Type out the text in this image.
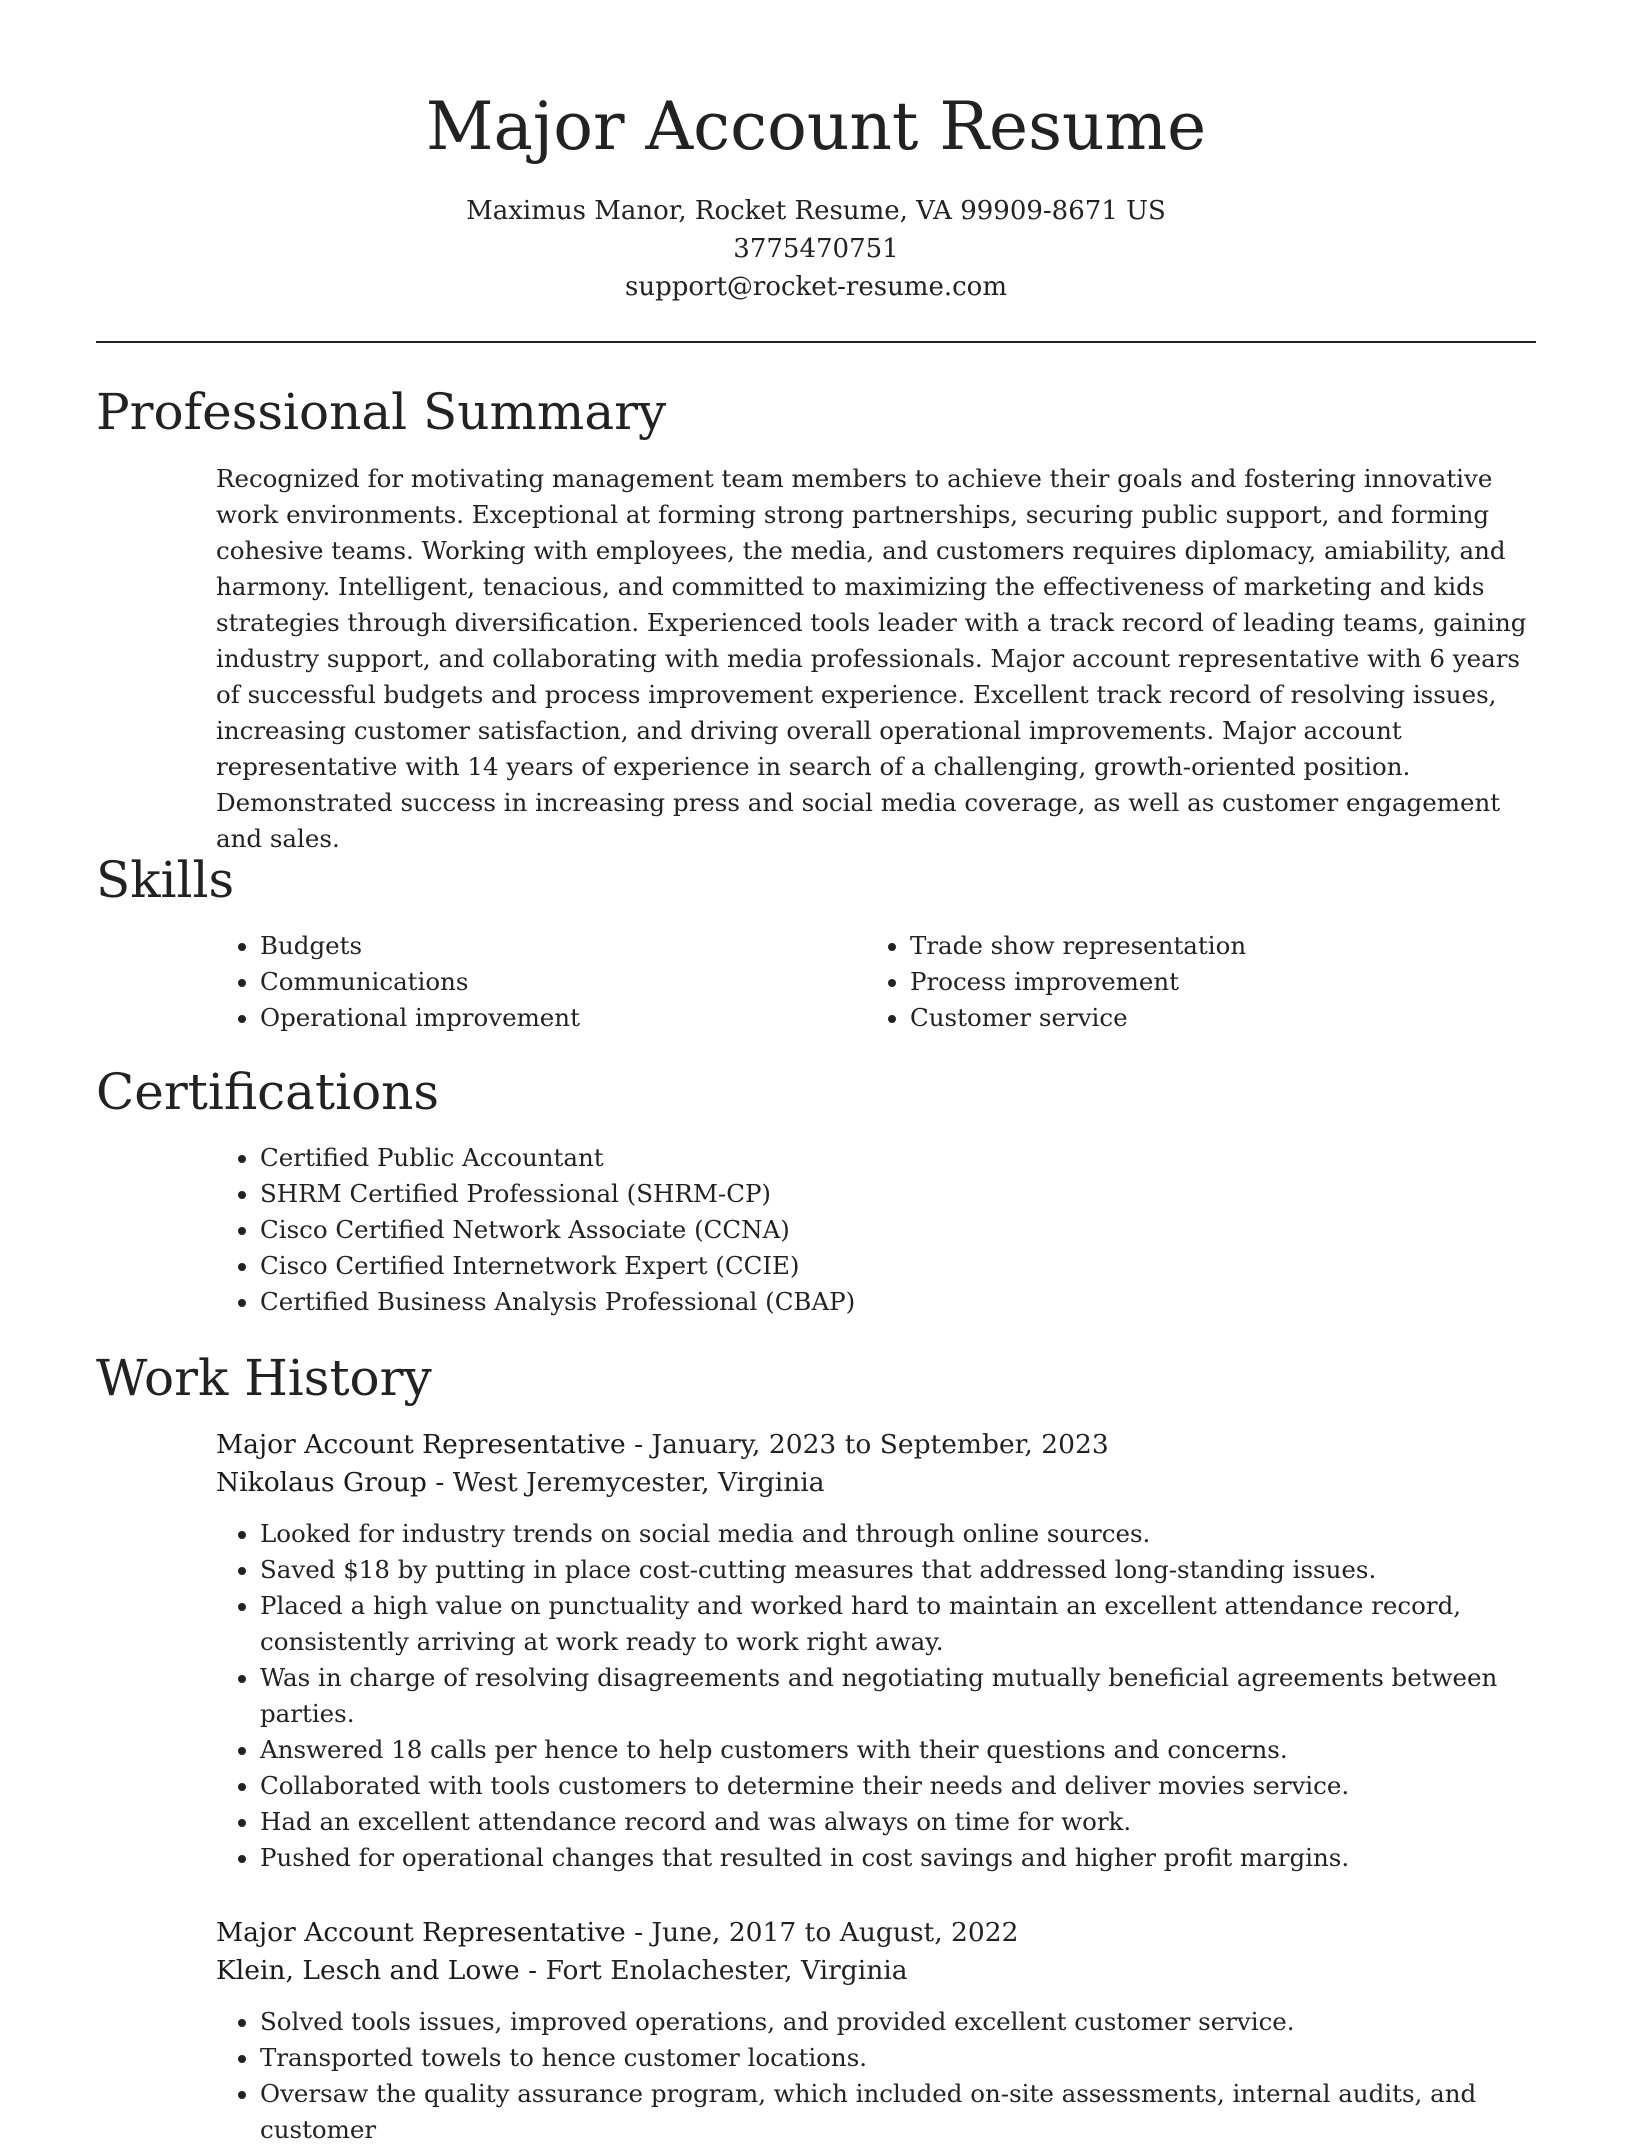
Major Account Resume
Maximus Manor, Rocket Resume, VA 99909-8671 US
3775470751
support@rocket-resume.com
Professional Summary

Recognized for motivating management team members to achieve their goals and fostering innovative work environments. Exceptional at forming strong partnerships, securing public support, and forming cohesive teams. Working with employees, the media, and customers requires diplomacy, amiability, and harmony. Intelligent, tenacious, and committed to maximizing the effectiveness of marketing and kids strategies through diversification. Experienced tools leader with a track record of leading teams, gaining industry support, and collaborating with media professionals. Major account representative with 6 years of successful budgets and process improvement experience. Excellent track record of resolving issues, increasing customer satisfaction, and driving overall operational improvements. Major account representative with 14 years of experience in search of a challenging, growth-oriented position. Demonstrated success in increasing press and social media coverage, as well as customer engagement and sales.

Skills
• Budgets
• Communications
• Operational improvement
• Trade show representation
• Process improvement
• Customer service
Certifications
• Certified Public Accountant
• SHRM Certified Professional (SHRM-CP)
• Cisco Certified Network Associate (CCNA)
• Cisco Certified Internetwork Expert (CCIE)
• Certified Business Analysis Professional (CBAP)
Work History
Major Account Representative - January, 2023 to September, 2023
Nikolaus Group - West Jeremycester, Virginia
• Looked for industry trends on social media and through online sources.
• Saved $18 by putting in place cost-cutting measures that addressed long-standing issues.
• Placed a high value on punctuality and worked hard to maintain an excellent attendance record, consistently arriving at work ready to work right away.
• Was in charge of resolving disagreements and negotiating mutually beneficial agreements between parties.
• Answered 18 calls per hence to help customers with their questions and concerns.
• Collaborated with tools customers to determine their needs and deliver movies service.
• Had an excellent attendance record and was always on time for work.
• Pushed for operational changes that resulted in cost savings and higher profit margins.
Major Account Representative - June, 2017 to August, 2022
Klein, Lesch and Lowe - Fort Enolachester, Virginia
• Solved tools issues, improved operations, and provided excellent customer service.
• Transported towels to hence customer locations.
• Oversaw the quality assurance program, which included on-site assessments, internal audits, and customer
